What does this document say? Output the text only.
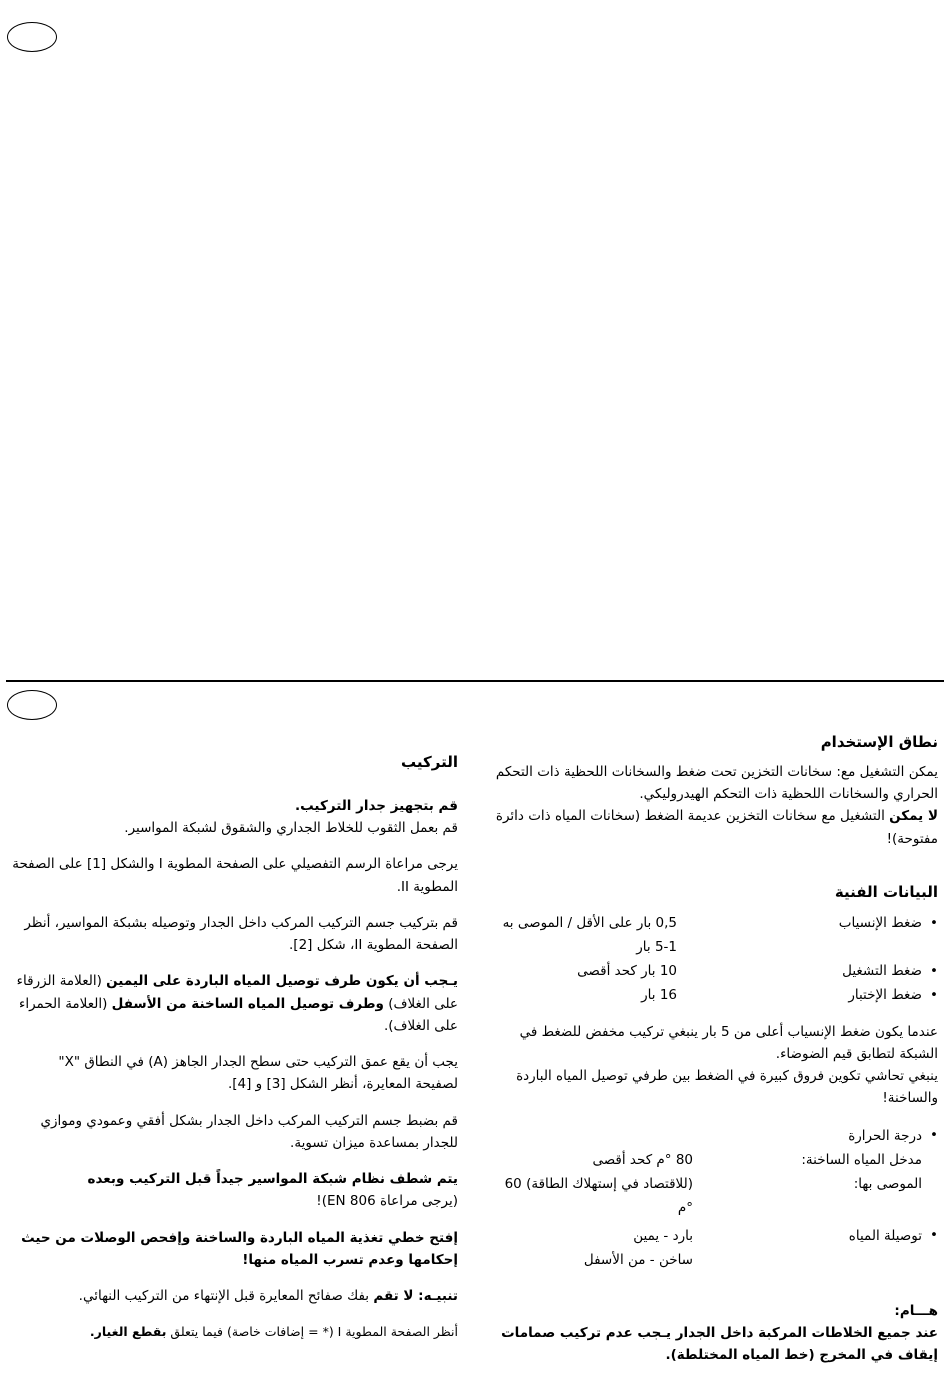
نطاق الإستخدام

يمكن التشغيل مع: سخانات التخزين تحت ضغط والسخانات اللحظية ذات التحكم الحراري والسخانات اللحظية ذات التحكم الهيدروليكي.

لا يمكن التشغيل مع سخانات التخزين عديمة الضغط (سخانات المياه ذات دائرة مفتوحة)!

البيانات الفنية
• ضغط الإنسياب
0,5 بار على الأقل / الموصى به 1-5 بار
• ضغط التشغيل
10 بار كحد أقصى
• ضغط الإختبار
16 بار

عندما يكون ضغط الإنسياب أعلى من 5 بار ينبغي تركيب مخفض للضغط في الشبكة لتطابق قيم الضوضاء.

ينبغي تحاشي تكوين فروق كبيرة في الضغط بين طرفي توصيل المياه الباردة والساخنة!

• درجة الحرارة
مدخل المياه الساخنة:
80 °م كحد أقصى
الموصى بها:
(للاقتصاد في إستهلاك الطاقة) 60 °م
• توصيلة المياه
بارد - يمين
ساخن - من الأسفل

هـــام:

عند جميع الخلاطات المركبة داخل الجدار يـجب عدم تركيب صمامات إيقاف في المخرج (خط المياه المختلطة).

التركيب

قم بتجهيز جدار التركيب.

قم بعمل الثقوب للخلاط الجداري والشقوق لشبكة المواسير.

يرجى مراعاة الرسم التفصيلي على الصفحة المطوية I والشكل [1] على الصفحة المطوية II.

قم بتركيب جسم التركيب المركب داخل الجدار وتوصيله بشبكة المواسير، أنظر الصفحة المطوية II، شكل [2].

يـجب أن يكون طرف توصيل المياه الباردة على اليمين (العلامة الزرقاء على الغلاف) وطرف توصيل المياه الساخنة من الأسفل (العلامة الحمراء على الغلاف).

يجب أن يقع عمق التركيب حتى سطح الجدار الجاهز (A) في النطاق "X" لصفيحة المعايرة، أنظر الشكل [3] و [4].

قم بضبط جسم التركيب المركب داخل الجدار بشكل أفقي وعمودي وموازي للجدار بمساعدة ميزان تسوية.

يتم شطف نظام شبكة المواسير جيداً قبل التركيب وبعده

(يرجى مراعاة EN 806)!

إفتح خطي تغذية المياه الباردة والساخنة وإفحص الوصلات من حيث إحكامها وعدم تسرب المياه منها!

تنبيـه: لا تقم بفك صفائح المعايرة قبل الإنتهاء من التركيب النهائي.

أنظر الصفحة المطوية I (* = إضافات خاصة) فيما يتعلق بقطع الغيار.
